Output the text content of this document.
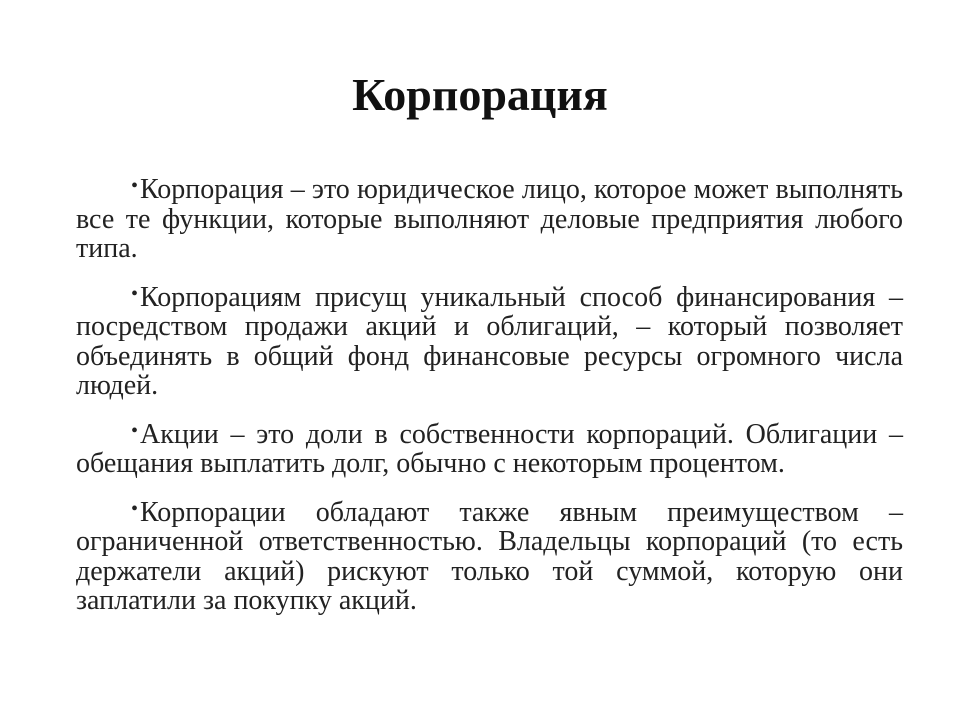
Корпорация
•Корпорация – это юридическое лицо, которое может выполнять все те функции, которые выполняют деловые предприятия любого типа.
•Корпорациям присущ уникальный способ финансирования – посредством продажи акций и облигаций, – который позволяет объединять в общий фонд финансовые ресурсы огромного числа людей.
•Акции – это доли в собственности корпораций. Облигации – обещания выплатить долг, обычно с некоторым процентом.
•Корпорации обладают также явным преимуществом – ограниченной ответственностью. Владельцы корпораций (то есть держатели акций) рискуют только той суммой, которую они заплатили за покупку акций.
